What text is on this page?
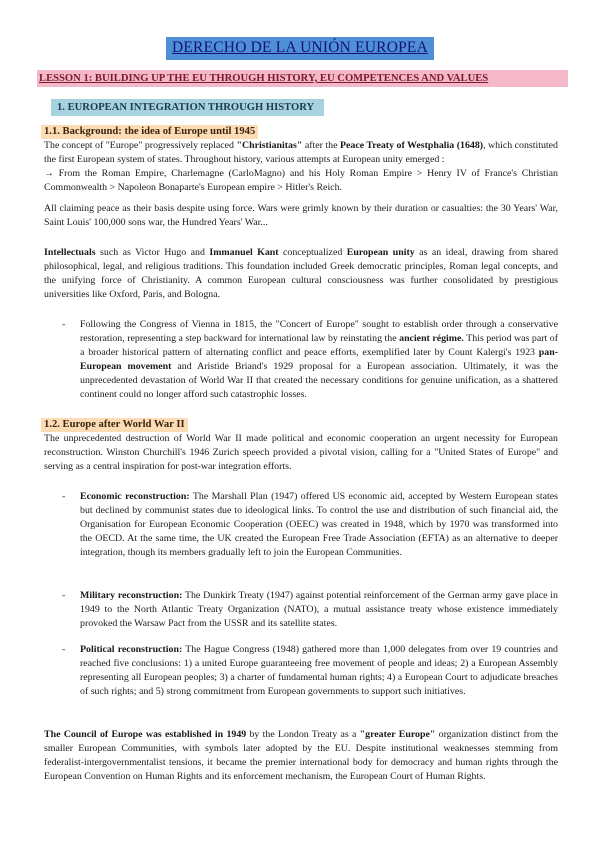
DERECHO DE LA UNIÓN EUROPEA
LESSON 1: BUILDING UP THE EU THROUGH HISTORY, EU COMPETENCES AND VALUES
1. EUROPEAN INTEGRATION THROUGH HISTORY
1.1. Background: the idea of Europe until 1945

The concept of "Europe" progressively replaced "Christianitas" after the Peace Treaty of Westphalia (1648), which constituted the first European system of states. Throughout history, various attempts at European unity emerged :
→ From the Roman Empire, Charlemagne (CarloMagno) and his Holy Roman Empire > Henry IV of France's Christian Commonwealth > Napoleon Bonaparte's European empire > Hitler's Reich.

All claiming peace as their basis despite using force. Wars were grimly known by their duration or casualties: the 30 Years' War, Saint Louis' 100,000 sons war, the Hundred Years' War...

Intellectuals such as Victor Hugo and Immanuel Kant conceptualized European unity as an ideal, drawing from shared philosophical, legal, and religious traditions. This foundation included Greek democratic principles, Roman legal concepts, and the unifying force of Christianity. A common European cultural consciousness was further consolidated by prestigious universities like Oxford, Paris, and Bologna.

- Following the Congress of Vienna in 1815, the "Concert of Europe" sought to establish order through a conservative restoration, representing a step backward for international law by reinstating the ancient régime. This period was part of a broader historical pattern of alternating conflict and peace efforts, exemplified later by Count Kalergi's 1923 pan-European movement and Aristide Briand's 1929 proposal for a European association. Ultimately, it was the unprecedented devastation of World War II that created the necessary conditions for genuine unification, as a shattered continent could no longer afford such catastrophic losses.

1.2. Europe after World War II

The unprecedented destruction of World War II made political and economic cooperation an urgent necessity for European reconstruction. Winston Churchill's 1946 Zurich speech provided a pivotal vision, calling for a "United States of Europe" and serving as a central inspiration for post-war integration efforts.

- Economic reconstruction: The Marshall Plan (1947) offered US economic aid, accepted by Western European states but declined by communist states due to ideological links. To control the use and distribution of such financial aid, the Organisation for European Economic Cooperation (OEEC) was created in 1948, which by 1970 was transformed into the OECD. At the same time, the UK created the European Free Trade Association (EFTA) as an alternative to deeper integration, though its members gradually left to join the European Communities.

- Military reconstruction: The Dunkirk Treaty (1947) against potential reinforcement of the German army gave place in 1949 to the North Atlantic Treaty Organization (NATO), a mutual assistance treaty whose existence immediately provoked the Warsaw Pact from the USSR and its satellite states.

- Political reconstruction: The Hague Congress (1948) gathered more than 1,000 delegates from over 19 countries and reached five conclusions: 1) a united Europe guaranteeing free movement of people and ideas; 2) a European Assembly representing all European peoples; 3) a charter of fundamental human rights; 4) a European Court to adjudicate breaches of such rights; and 5) strong commitment from European governments to support such initiatives.

The Council of Europe was established in 1949 by the London Treaty as a "greater Europe" organization distinct from the smaller European Communities, with symbols later adopted by the EU. Despite institutional weaknesses stemming from federalist-intergovernmentalist tensions, it became the premier international body for democracy and human rights through the European Convention on Human Rights and its enforcement mechanism, the European Court of Human Rights.
